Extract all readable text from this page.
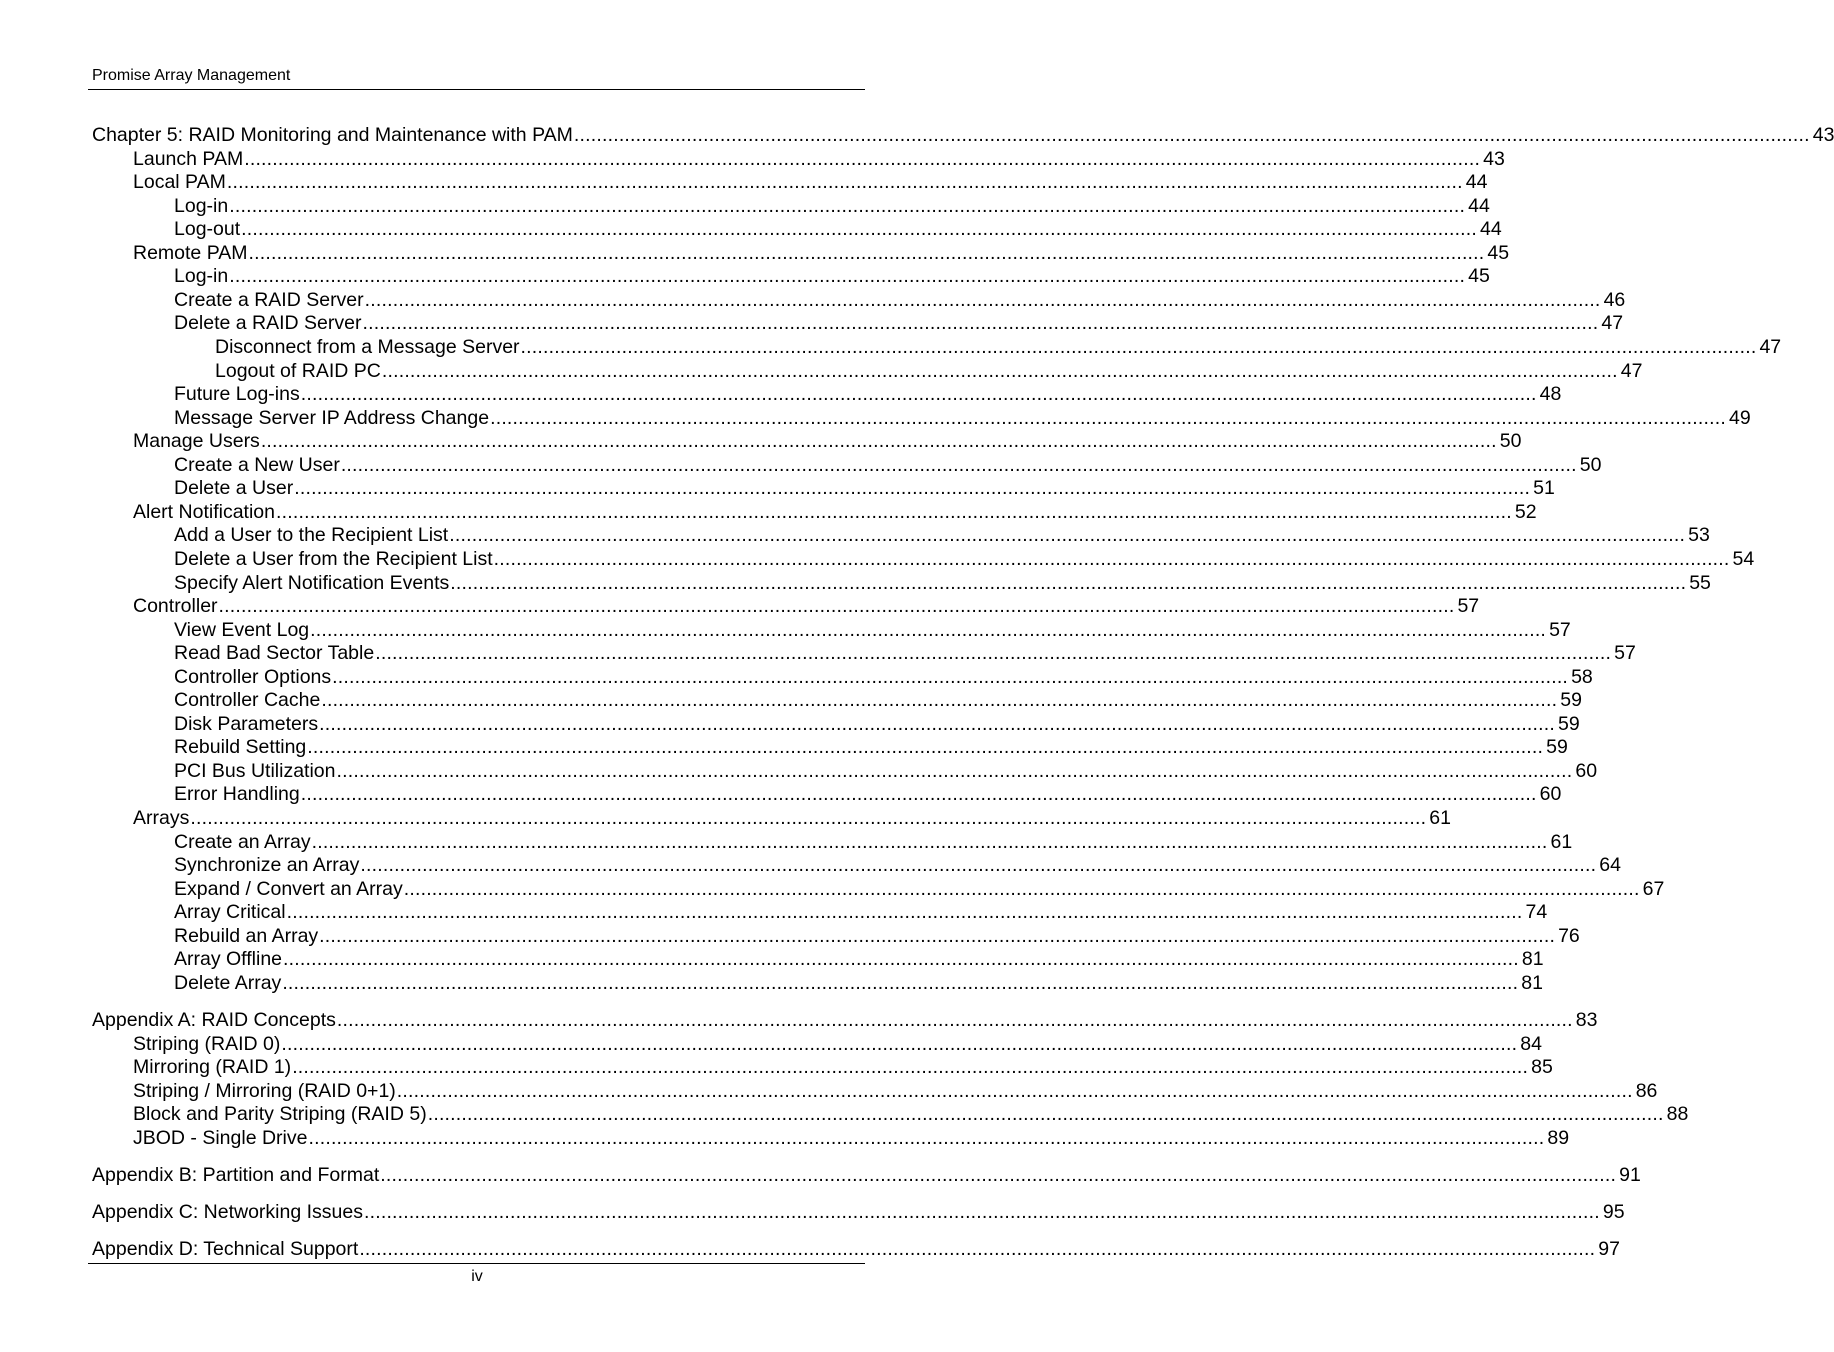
Promise Array Management
Chapter 5: RAID Monitoring and Maintenance with PAM ............................................................................................................................................................................................................................ 43
Launch PAM ............................................................................................................................................................................................................................ 43
Local PAM ............................................................................................................................................................................................................................ 44
Log-in ............................................................................................................................................................................................................................ 44
Log-out ............................................................................................................................................................................................................................ 44
Remote PAM ............................................................................................................................................................................................................................ 45
Log-in ............................................................................................................................................................................................................................ 45
Create a RAID Server ............................................................................................................................................................................................................................ 46
Delete a RAID Server ............................................................................................................................................................................................................................ 47
Disconnect from a Message Server ............................................................................................................................................................................................................................ 47
Logout of RAID PC ............................................................................................................................................................................................................................ 47
Future Log-ins ............................................................................................................................................................................................................................ 48
Message Server IP Address Change ............................................................................................................................................................................................................................ 49
Manage Users ............................................................................................................................................................................................................................ 50
Create a New User ............................................................................................................................................................................................................................ 50
Delete a User ............................................................................................................................................................................................................................ 51
Alert Notification ............................................................................................................................................................................................................................ 52
Add a User to the Recipient List ............................................................................................................................................................................................................................ 53
Delete a User from the Recipient List ............................................................................................................................................................................................................................ 54
Specify Alert Notification Events ............................................................................................................................................................................................................................ 55
Controller ............................................................................................................................................................................................................................ 57
View Event Log ............................................................................................................................................................................................................................ 57
Read Bad Sector Table ............................................................................................................................................................................................................................ 57
Controller Options ............................................................................................................................................................................................................................ 58
Controller Cache ............................................................................................................................................................................................................................ 59
Disk Parameters ............................................................................................................................................................................................................................ 59
Rebuild Setting ............................................................................................................................................................................................................................ 59
PCI Bus Utilization ............................................................................................................................................................................................................................ 60
Error Handling ............................................................................................................................................................................................................................ 60
Arrays ............................................................................................................................................................................................................................ 61
Create an Array ............................................................................................................................................................................................................................ 61
Synchronize an Array ............................................................................................................................................................................................................................ 64
Expand / Convert an Array ............................................................................................................................................................................................................................ 67
Array Critical ............................................................................................................................................................................................................................ 74
Rebuild an Array ............................................................................................................................................................................................................................ 76
Array Offline ............................................................................................................................................................................................................................ 81
Delete Array ............................................................................................................................................................................................................................ 81
Appendix A: RAID Concepts ............................................................................................................................................................................................................................ 83
Striping (RAID 0) ............................................................................................................................................................................................................................ 84
Mirroring (RAID 1) ............................................................................................................................................................................................................................ 85
Striping / Mirroring (RAID 0+1) ............................................................................................................................................................................................................................ 86
Block and Parity Striping (RAID 5) ............................................................................................................................................................................................................................ 88
JBOD - Single Drive ............................................................................................................................................................................................................................ 89
Appendix B: Partition and Format ............................................................................................................................................................................................................................ 91
Appendix C: Networking Issues ............................................................................................................................................................................................................................ 95
Appendix D: Technical Support ............................................................................................................................................................................................................................ 97
iv
